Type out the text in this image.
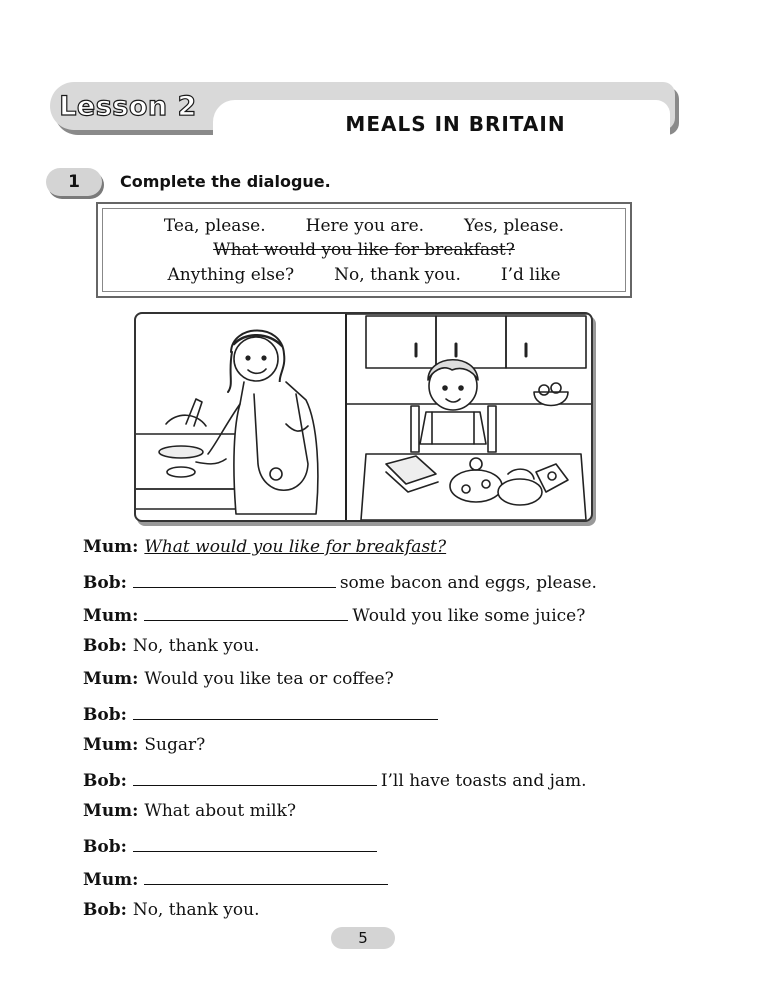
Lesson 2
MEALS IN BRITAIN
1	Complete the dialogue.
Tea, please. Here you are. Yes, please.
What would you like for breakfast?
Anything else? No, thank you. I’d like
Mum: What would you like for breakfast?
Bob:	some bacon and eggs, please.
Mum:	Would you like some juice?
Bob: No, thank you.
Mum: Would you like tea or coffee?
Bob:
Mum: Sugar?
Bob:	I’ll have toasts and jam.
Mum: What about milk?
Bob:
Mum:
Bob: No, thank you.
5
